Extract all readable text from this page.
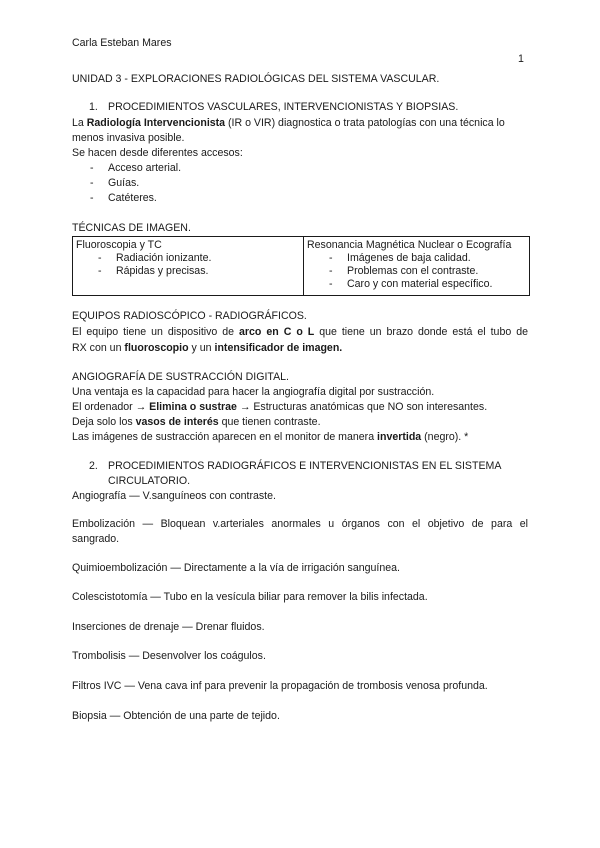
Carla Esteban Mares
1
UNIDAD 3 - EXPLORACIONES RADIOLÓGICAS DEL SISTEMA VASCULAR.
1. PROCEDIMIENTOS VASCULARES, INTERVENCIONISTAS Y BIOPSIAS.
La Radiología Intervencionista (IR o VIR) diagnostica o trata patologías con una técnica lo
menos invasiva posible.
Se hacen desde diferentes accesos:
- Acceso arterial.
- Guías.
- Catéteres.
TÉCNICAS DE IMAGEN.
Fluoroscopia y TC
- Radiación ionizante.
- Rápidas y precisas.

Resonancia Magnética Nuclear o Ecografía
- Imágenes de baja calidad.
- Problemas con el contraste.
- Caro y con material específico.
EQUIPOS RADIOSCÓPICO - RADIOGRÁFICOS.
El equipo tiene un dispositivo de arco en C o L que tiene un brazo donde está el tubo de
RX con un fluoroscopio y un intensificador de imagen.
ANGIOGRAFÍA DE SUSTRACCIÓN DIGITAL.
Una ventaja es la capacidad para hacer la angiografía digital por sustracción.
El ordenador → Elimina o sustrae → Estructuras anatómicas que NO son interesantes.
Deja solo los vasos de interés que tienen contraste.
Las imágenes de sustracción aparecen en el monitor de manera invertida (negro). *
2. PROCEDIMIENTOS RADIOGRÁFICOS E INTERVENCIONISTAS EN EL SISTEMA
CIRCULATORIO.
Angiografía — V.sanguíneos con contraste.
Embolización — Bloquean v.arteriales anormales u órganos con el objetivo de para el
sangrado.
Quimioembolización — Directamente a la vía de irrigación sanguínea.
Colescistotomía — Tubo en la vesícula biliar para remover la bilis infectada.
Inserciones de drenaje — Drenar fluidos.
Trombolisis — Desenvolver los coágulos.
Filtros IVC — Vena cava inf para prevenir la propagación de trombosis venosa profunda.
Biopsia — Obtención de una parte de tejido.
